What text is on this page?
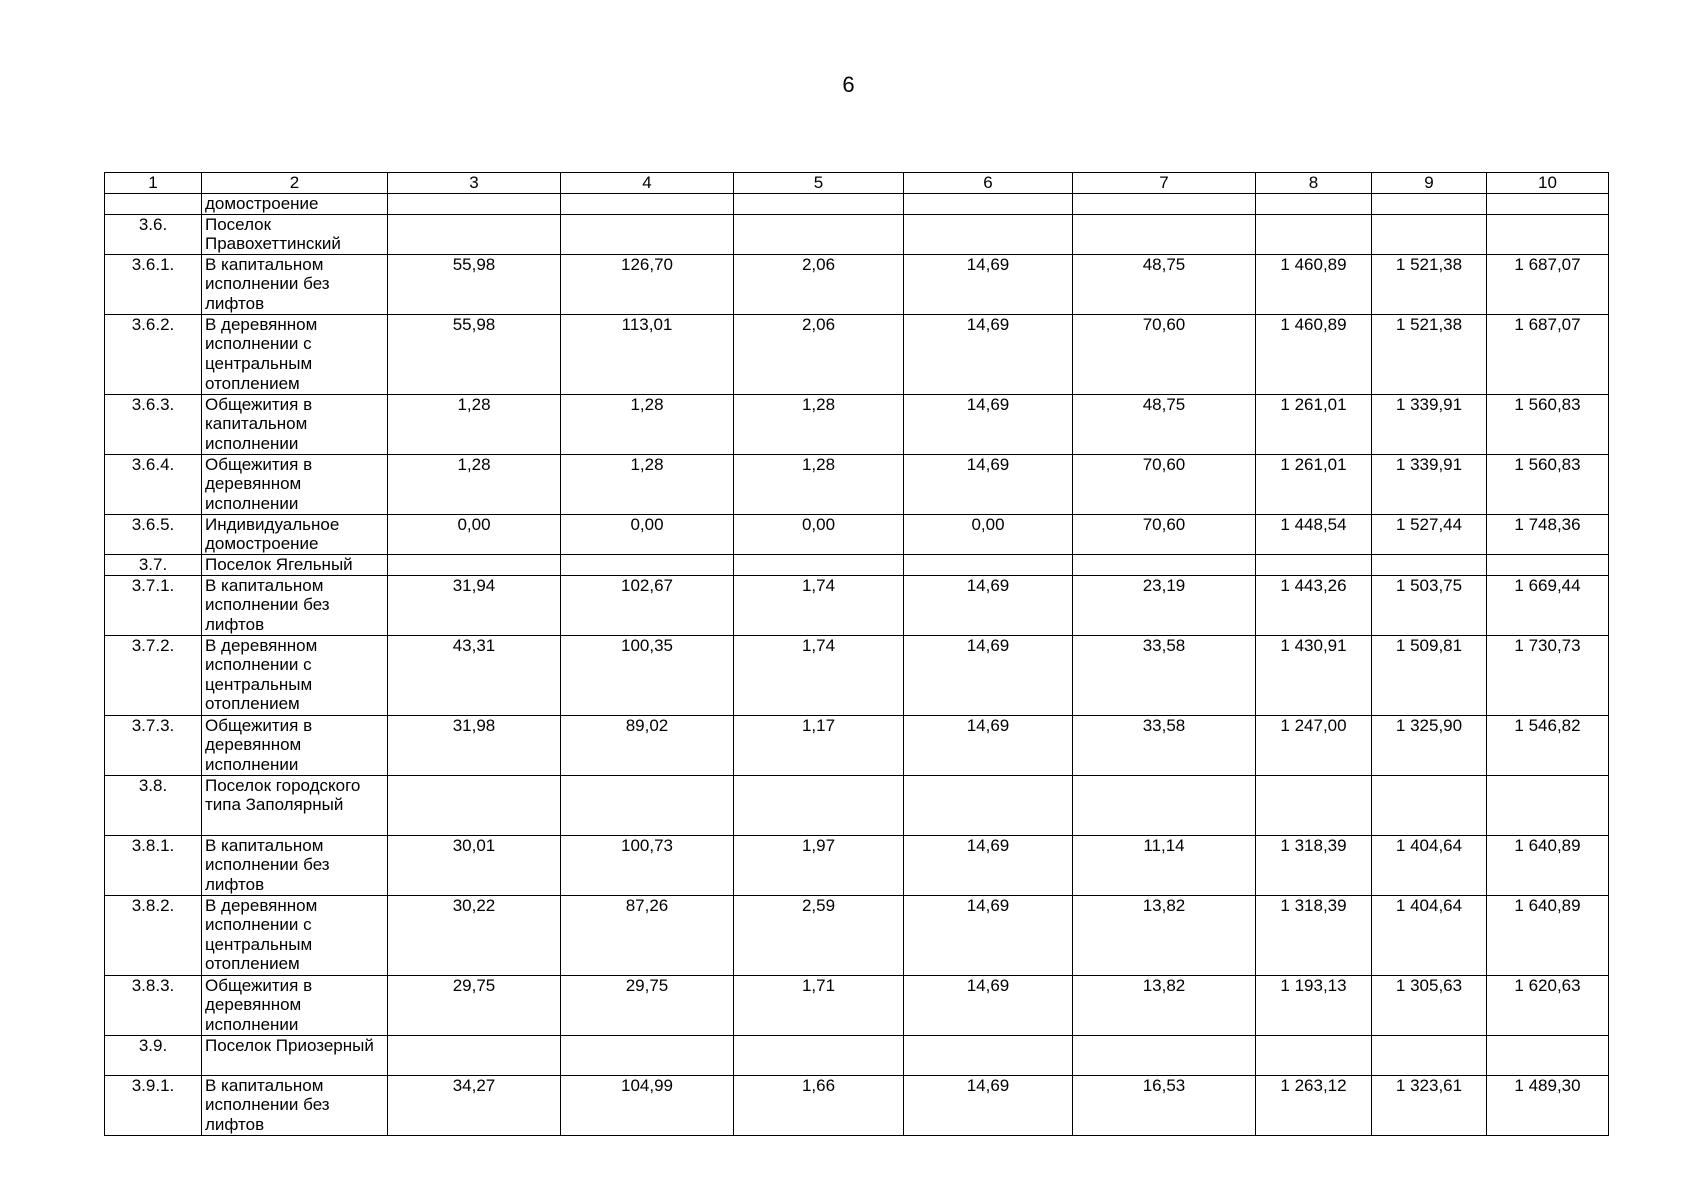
6
1	2	3	4	5	6	7	8	9	10
	домостроение								
3.6.	Поселок Правохеттинский								
3.6.1.	В капитальном исполнении без лифтов	55,98	126,70	2,06	14,69	48,75	1 460,89	1 521,38	1 687,07
3.6.2.	В деревянном исполнении с центральным отоплением	55,98	113,01	2,06	14,69	70,60	1 460,89	1 521,38	1 687,07
3.6.3.	Общежития в капитальном исполнении	1,28	1,28	1,28	14,69	48,75	1 261,01	1 339,91	1 560,83
3.6.4.	Общежития в деревянном исполнении	1,28	1,28	1,28	14,69	70,60	1 261,01	1 339,91	1 560,83
3.6.5.	Индивидуальное домостроение	0,00	0,00	0,00	0,00	70,60	1 448,54	1 527,44	1 748,36
3.7.	Поселок Ягельный								
3.7.1.	В капитальном исполнении без лифтов	31,94	102,67	1,74	14,69	23,19	1 443,26	1 503,75	1 669,44
3.7.2.	В деревянном исполнении с центральным отоплением	43,31	100,35	1,74	14,69	33,58	1 430,91	1 509,81	1 730,73
3.7.3.	Общежития в деревянном исполнении	31,98	89,02	1,17	14,69	33,58	1 247,00	1 325,90	1 546,82
3.8.	Поселок городского типа Заполярный								
3.8.1.	В капитальном исполнении без лифтов	30,01	100,73	1,97	14,69	11,14	1 318,39	1 404,64	1 640,89
3.8.2.	В деревянном исполнении с центральным отоплением	30,22	87,26	2,59	14,69	13,82	1 318,39	1 404,64	1 640,89
3.8.3.	Общежития в деревянном исполнении	29,75	29,75	1,71	14,69	13,82	1 193,13	1 305,63	1 620,63
3.9.	Поселок Приозерный								
3.9.1.	В капитальном исполнении без лифтов	34,27	104,99	1,66	14,69	16,53	1 263,12	1 323,61	1 489,30
